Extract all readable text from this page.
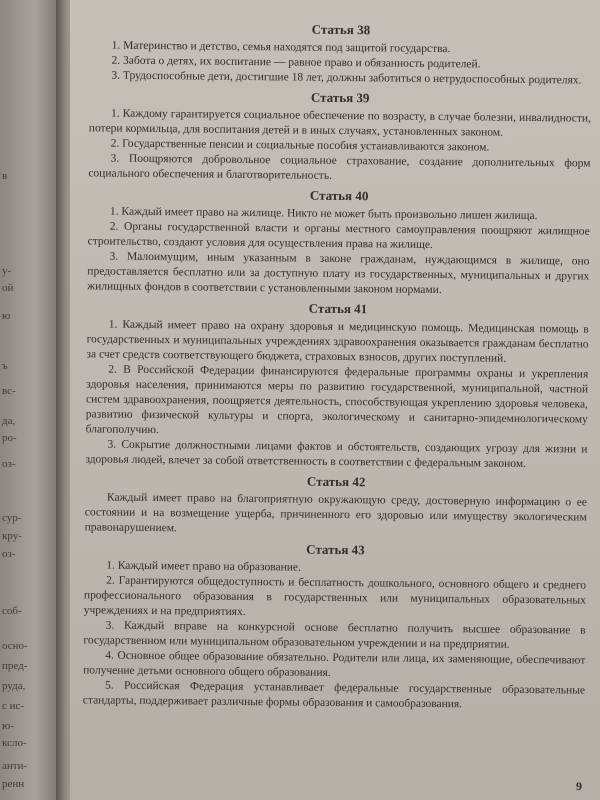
в
у-
ой
ю
ъ
вс-
да,
ро-
оз-
сур-
кру-
оз-
соб-
осно-
пред-
руда,
с ис-
ю-
ксло-
анти-
ренн
Статья 38

1. Материнство и детство, семья находятся под защитой государства.

2. Забота о детях, их воспитание — равное право и обязанность родителей.

3. Трудоспособные дети, достигшие 18 лет, должны заботиться о нетрудоспособных родителях.

Статья 39

1. Каждому гарантируется социальное обеспечение по возрасту, в случае болезни, инвалидности, потери кормильца, для воспитания детей и в иных случаях, установленных законом.

2. Государственные пенсии и социальные пособия устанавливаются законом.

3. Поощряются добровольное социальное страхование, создание дополнительных форм социального обеспечения и благотворительность.

Статья 40

1. Каждый имеет право на жилище. Никто не может быть произвольно лишен жилища.

2. Органы государственной власти и органы местного самоуправления поощряют жилищное строительство, создают условия для осуществления права на жилище.

3. Малоимущим, иным указанным в законе гражданам, нуждающимся в жилище, оно предоставляется бесплатно или за доступную плату из государственных, муниципальных и других жилищных фондов в соответствии с установленными законом нормами.

Статья 41

1. Каждый имеет право на охрану здоровья и медицинскую помощь. Медицинская помощь в государственных и муниципальных учреждениях здравоохранения оказывается гражданам бесплатно за счет средств соответствующего бюджета, страховых взносов, других поступлений.

2. В Российской Федерации финансируются федеральные программы охраны и укрепления здоровья населения, принимаются меры по развитию государственной, муниципальной, частной систем здравоохранения, поощряется деятельность, способствующая укреплению здоровья человека, развитию физической культуры и спорта, экологическому и санитарно-эпидемиологическому благополучию.

3. Сокрытие должностными лицами фактов и обстоятельств, создающих угрозу для жизни и здоровья людей, влечет за собой ответственность в соответствии с федеральным законом.

Статья 42

Каждый имеет право на благоприятную окружающую среду, достоверную информацию о ее состоянии и на возмещение ущерба, причиненного его здоровью или имуществу экологическим правонарушением.

Статья 43

1. Каждый имеет право на образование.

2. Гарантируются общедоступность и бесплатность дошкольного, основного общего и среднего профессионального образования в государственных или муниципальных образовательных учреждениях и на предприятиях.

3. Каждый вправе на конкурсной основе бесплатно получить высшее образование в государственном или муниципальном образовательном учреждении и на предприятии.

4. Основное общее образование обязательно. Родители или лица, их заменяющие, обеспечивают получение детьми основного общего образования.

5. Российская Федерация устанавливает федеральные государственные образовательные стандарты, поддерживает различные формы образования и самообразования.

9
